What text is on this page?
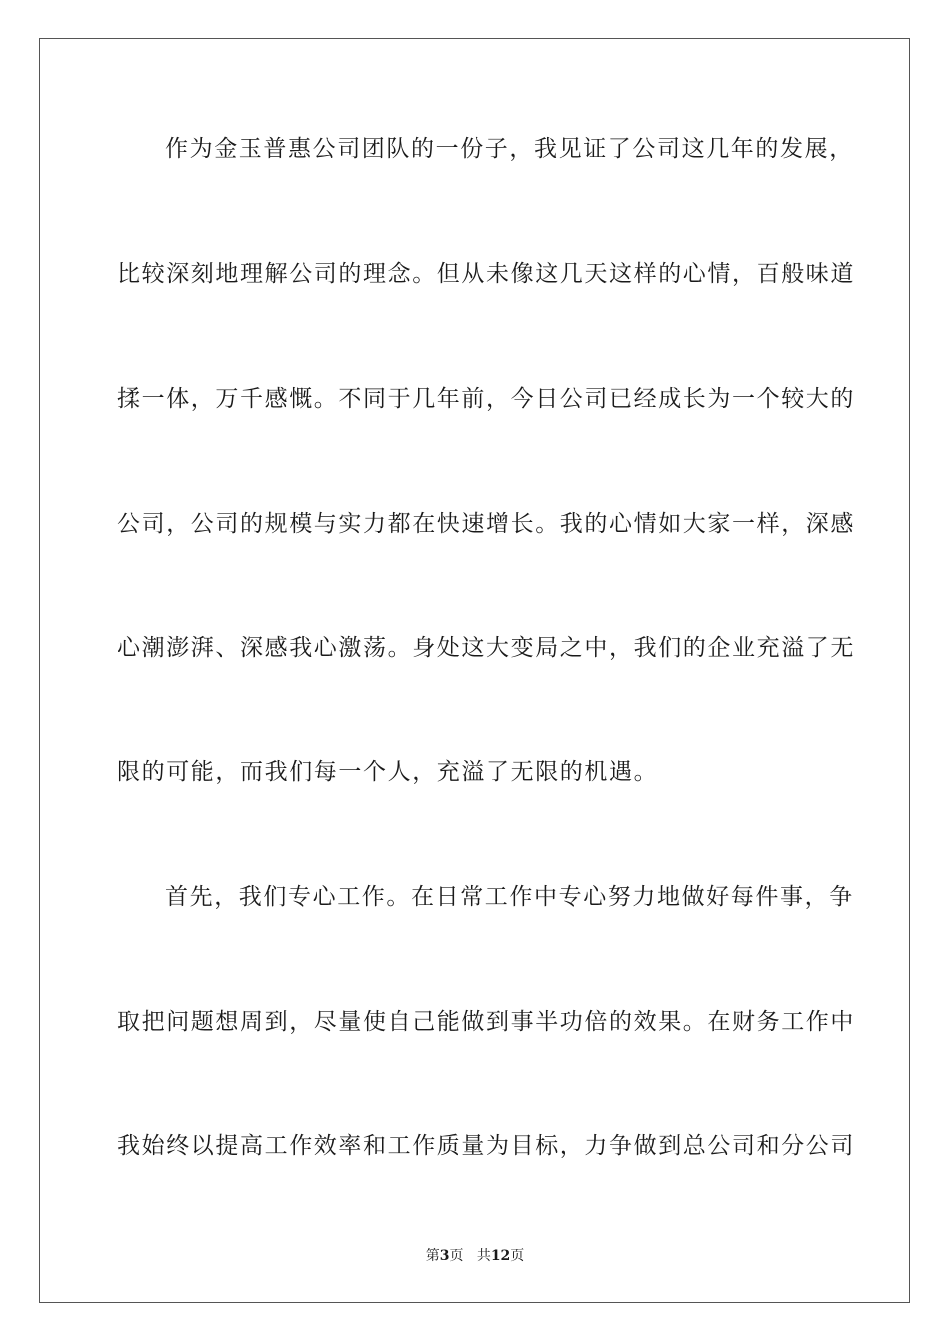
作为金玉普惠公司团队的一份子，我见证了公司这几年的发展，
比较深刻地理解公司的理念。但从未像这几天这样的心情，百般味道
揉一体，万千感慨。不同于几年前，今日公司已经成长为一个较大的
公司，公司的规模与实力都在快速增长。我的心情如大家一样，深感
心潮澎湃、深感我心激荡。身处这大变局之中，我们的企业充溢了无
限的可能，而我们每一个人，充溢了无限的机遇。
首先，我们专心工作。在日常工作中专心努力地做好每件事，争
取把问题想周到，尽量使自己能做到事半功倍的效果。在财务工作中
我始终以提高工作效率和工作质量为目标，力争做到总公司和分公司
第3页 共12页
